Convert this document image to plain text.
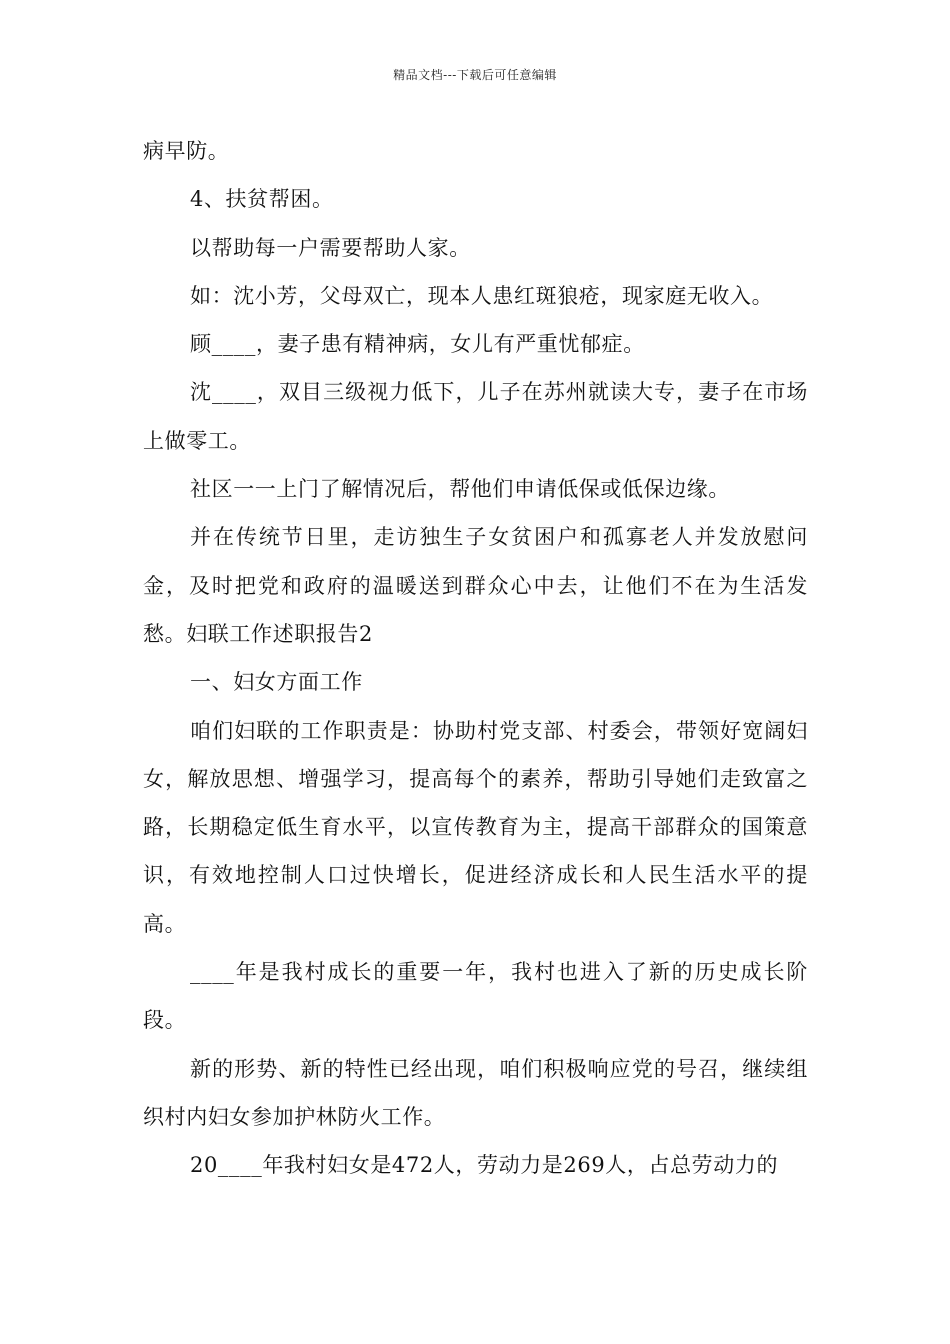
精品文档---下载后可任意编辑

病早防。

4、扶贫帮困。

以帮助每一户需要帮助人家。

如：沈小芳，父母双亡，现本人患红斑狼疮，现家庭无收入。

顾____，妻子患有精神病，女儿有严重忧郁症。

沈____，双目三级视力低下，儿子在苏州就读大专，妻子在市场上做零工。

社区一一上门了解情况后，帮他们申请低保或低保边缘。

并在传统节日里，走访独生子女贫困户和孤寡老人并发放慰问金，及时把党和政府的温暖送到群众心中去，让他们不在为生活发愁。妇联工作述职报告2

一、妇女方面工作

咱们妇联的工作职责是：协助村党支部、村委会，带领好宽阔妇女，解放思想、增强学习，提高每个的素养，帮助引导她们走致富之路，长期稳定低生育水平，以宣传教育为主，提高干部群众的国策意识，有效地控制人口过快增长，促进经济成长和人民生活水平的提高。

____年是我村成长的重要一年，我村也进入了新的历史成长阶段。

新的形势、新的特性已经出现，咱们积极响应党的号召，继续组织村内妇女参加护林防火工作。

20____年我村妇女是472人，劳动力是269人，占总劳动力的
